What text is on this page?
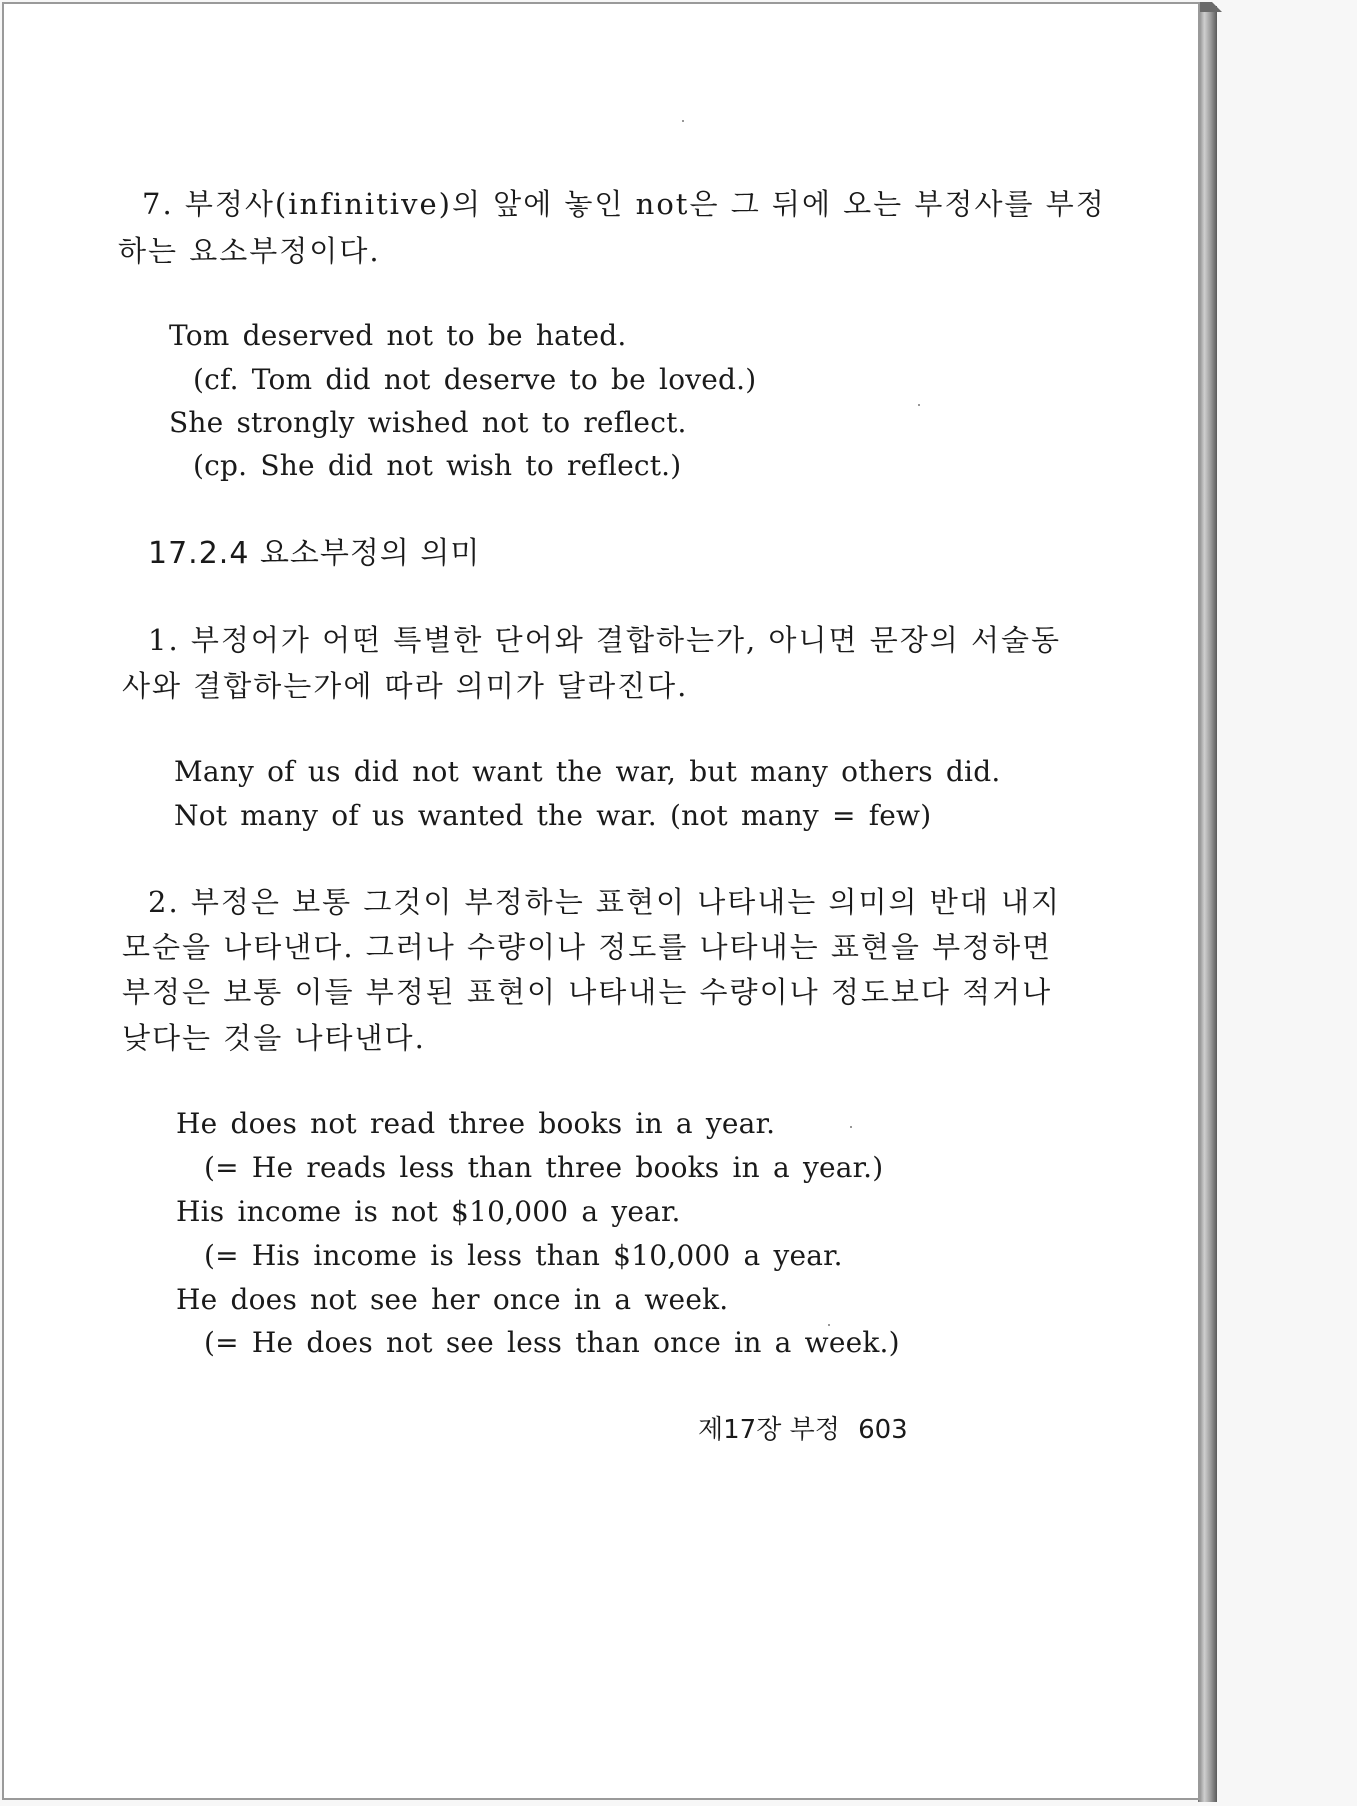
7. 부정사(infinitive)의 앞에 놓인 not은 그 뒤에 오는 부정사를 부정

하는 요소부정이다.

Tom deserved not to be hated.

(cf. Tom did not deserve to be loved.)

She strongly wished not to reflect.

(cp. She did not wish to reflect.)

17.2.4 요소부정의 의미

1. 부정어가 어떤 특별한 단어와 결합하는가, 아니면 문장의 서술동

사와 결합하는가에 따라 의미가 달라진다.

Many of us did not want the war, but many others did.

Not many of us wanted the war. (not many = few)

2. 부정은 보통 그것이 부정하는 표현이 나타내는 의미의 반대 내지

모순을 나타낸다. 그러나 수량이나 정도를 나타내는 표현을 부정하면

부정은 보통 이들 부정된 표현이 나타내는 수량이나 정도보다 적거나

낮다는 것을 나타낸다.

He does not read three books in a year.

(= He reads less than three books in a year.)

His income is not $10,000 a year.

(= His income is less than $10,000 a year.

He does not see her once in a week.

(= He does not see less than once in a week.)

제17장 부정 603
